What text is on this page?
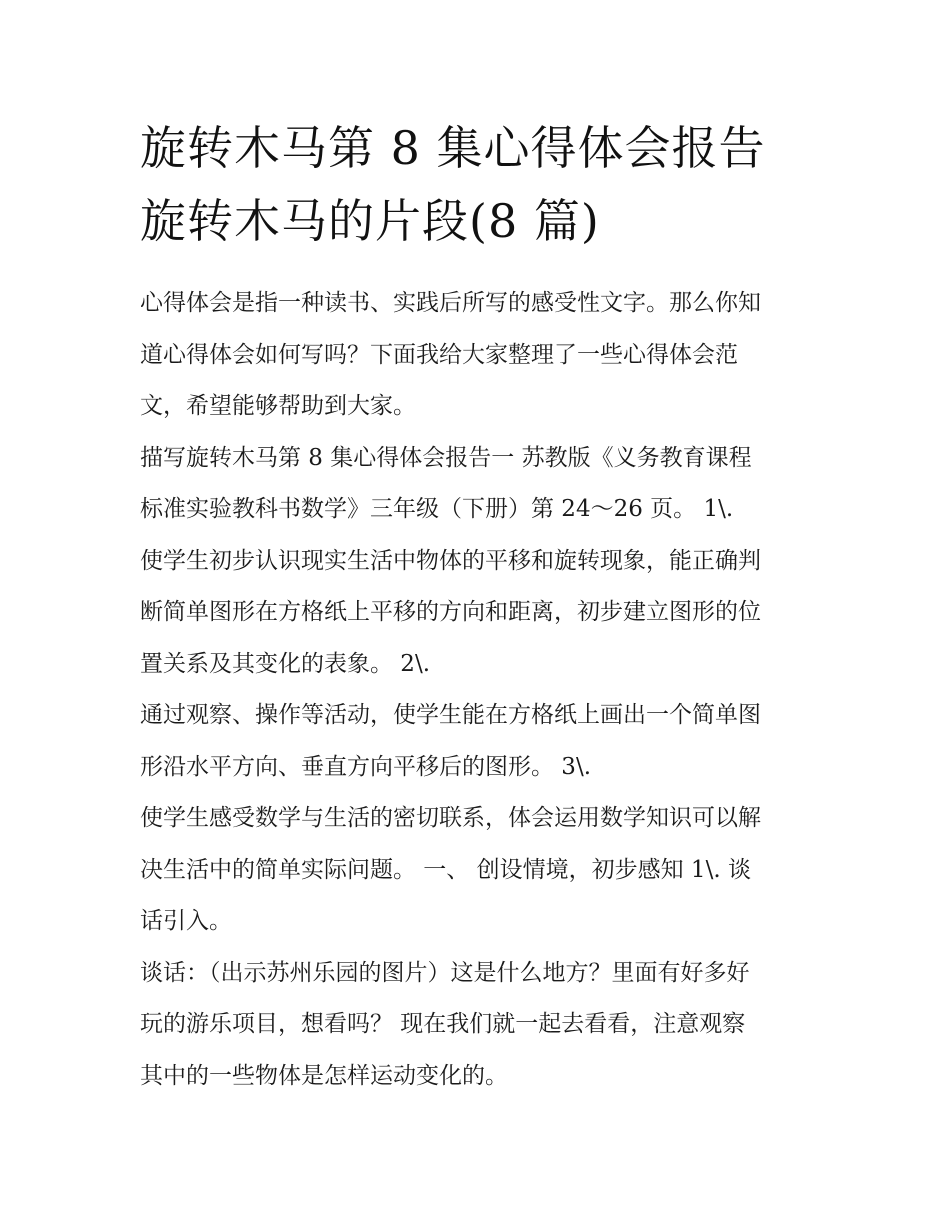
旋转木马第 8 集心得体会报告
旋转木马的片段(8 篇)

心得体会是指一种读书、实践后所写的感受性文字。那么你知
道心得体会如何写吗？下面我给大家整理了一些心得体会范
文，希望能够帮助到大家。

描写旋转木马第 8 集心得体会报告一 苏教版《义务教育课程
标准实验教科书数学》三年级（下册）第 24～26 页。 1\.

使学生初步认识现实生活中物体的平移和旋转现象，能正确判
断简单图形在方格纸上平移的方向和距离，初步建立图形的位
置关系及其变化的表象。 2\.

通过观察、操作等活动，使学生能在方格纸上画出一个简单图
形沿水平方向、垂直方向平移后的图形。 3\.

使学生感受数学与生活的密切联系，体会运用数学知识可以解
决生活中的简单实际问题。 一、 创设情境，初步感知 1\. 谈
话引入。

谈话：（出示苏州乐园的图片）这是什么地方？里面有好多好
玩的游乐项目，想看吗？ 现在我们就一起去看看，注意观察
其中的一些物体是怎样运动变化的。
